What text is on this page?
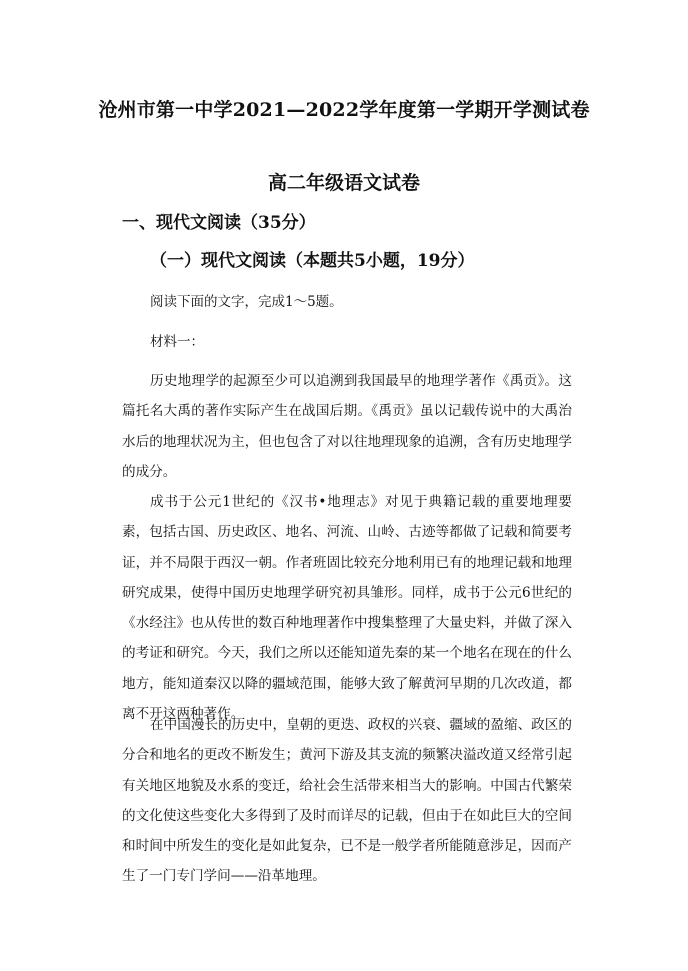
沧州市第一中学2021—2022学年度第一学期开学测试卷
高二年级语文试卷
一、现代文阅读（35分）
（一）现代文阅读（本题共5小题，19分）
阅读下面的文字，完成1～5题。
材料一：
历史地理学的起源至少可以追溯到我国最早的地理学著作《禹贡》。这篇托名大禹的著作实际产生在战国后期。《禹贡》虽以记载传说中的大禹治水后的地理状况为主，但也包含了对以往地理现象的追溯，含有历史地理学的成分。
成书于公元1世纪的《汉书•地理志》对见于典籍记载的重要地理要素，包括古国、历史政区、地名、河流、山岭、古迹等都做了记载和简要考证，并不局限于西汉一朝。作者班固比较充分地利用已有的地理记载和地理研究成果，使得中国历史地理学研究初具雏形。同样，成书于公元6世纪的《水经注》也从传世的数百种地理著作中搜集整理了大量史料，并做了深入的考证和研究。今天，我们之所以还能知道先秦的某一个地名在现在的什么地方，能知道秦汉以降的疆域范围，能够大致了解黄河早期的几次改道，都离不开这两种著作。
在中国漫长的历史中，皇朝的更迭、政权的兴衰、疆域的盈缩、政区的分合和地名的更改不断发生；黄河下游及其支流的频繁决溢改道又经常引起有关地区地貌及水系的变迁，给社会生活带来相当大的影响。中国古代繁荣的文化使这些变化大多得到了及时而详尽的记载，但由于在如此巨大的空间和时间中所发生的变化是如此复杂，已不是一般学者所能随意涉足，因而产生了一门专门学问——沿革地理。
